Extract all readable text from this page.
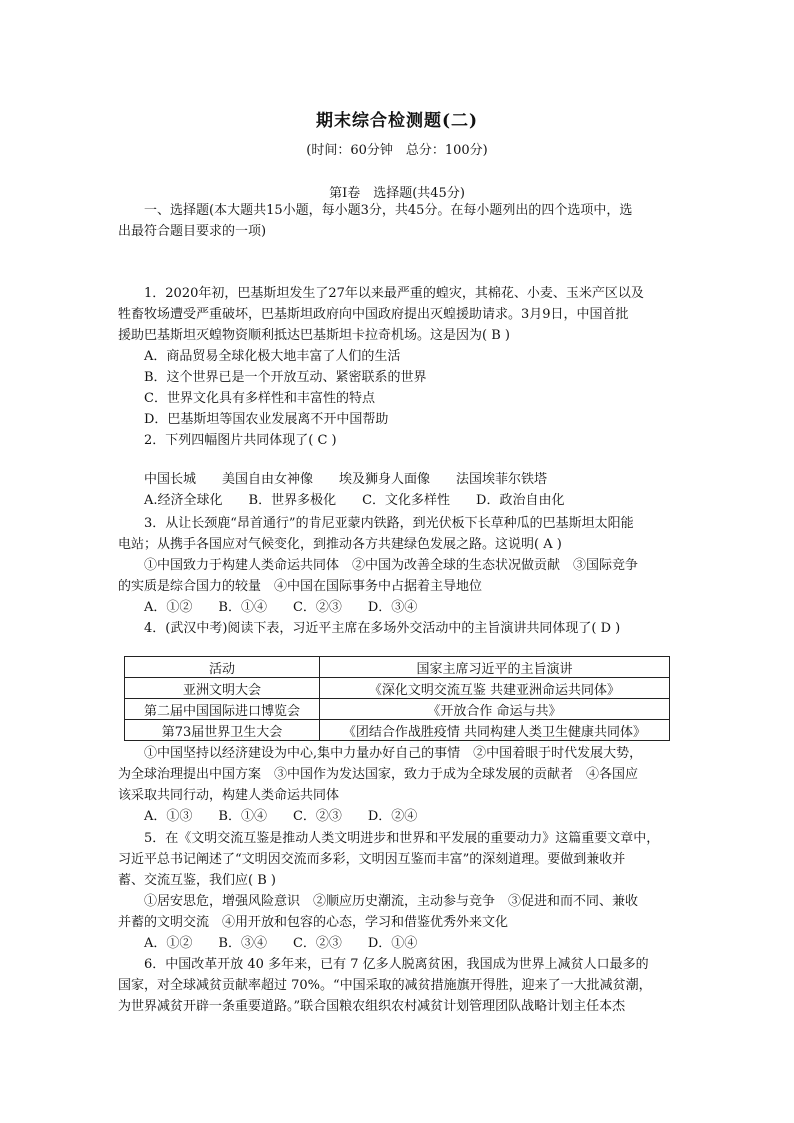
期末综合检测题(二)
(时间：60分钟　总分：100分)
第Ⅰ卷　选择题(共45分)
一、选择题(本大题共15小题，每小题3分，共45分。在每小题列出的四个选项中，选
出最符合题目要求的一项)
1．2020年初，巴基斯坦发生了27年以来最严重的蝗灾，其棉花、小麦、玉米产区以及
牲畜牧场遭受严重破坏，巴基斯坦政府向中国政府提出灭蝗援助请求。3月9日，中国首批
援助巴基斯坦灭蝗物资顺利抵达巴基斯坦卡拉奇机场。这是因为( B )
A．商品贸易全球化极大地丰富了人们的生活
B．这个世界已是一个开放互动、紧密联系的世界
C．世界文化具有多样性和丰富性的特点
D．巴基斯坦等国农业发展离不开中国帮助
2．下列四幅图片共同体现了( C )
中国长城　　美国自由女神像　　埃及狮身人面像　　法国埃菲尔铁塔
A.经济全球化　　B．世界多极化　　C．文化多样性　　D．政治自由化
3．从让长颈鹿“昂首通行”的肯尼亚蒙内铁路，到光伏板下长草种瓜的巴基斯坦太阳能
电站；从携手各国应对气候变化，到推动各方共建绿色发展之路。这说明( A )
①中国致力于构建人类命运共同体　②中国为改善全球的生态状况做贡献　③国际竞争
的实质是综合国力的较量　④中国在国际事务中占据着主导地位
A．①②　　B．①④　　C．②③　　D．③④
4．(武汉中考)阅读下表，习近平主席在多场外交活动中的主旨演讲共同体现了( D )
活动	国家主席习近平的主旨演讲
亚洲文明大会	《深化文明交流互鉴 共建亚洲命运共同体》
第二届中国国际进口博览会	《开放合作 命运与共》
第73届世界卫生大会	《团结合作战胜疫情 共同构建人类卫生健康共同体》
①中国坚持以经济建设为中心,集中力量办好自己的事情　②中国着眼于时代发展大势，
为全球治理提出中国方案　③中国作为发达国家，致力于成为全球发展的贡献者　④各国应
该采取共同行动，构建人类命运共同体
A．①③　　B．①④　　C．②③　　D．②④
5．在《文明交流互鉴是推动人类文明进步和世界和平发展的重要动力》这篇重要文章中，
习近平总书记阐述了“文明因交流而多彩，文明因互鉴而丰富”的深刻道理。要做到兼收并
蓄、交流互鉴，我们应( B )
①居安思危，增强风险意识　②顺应历史潮流，主动参与竞争　③促进和而不同、兼收
并蓄的文明交流　④用开放和包容的心态，学习和借鉴优秀外来文化
A．①②　　B．③④　　C．②③　　D．①④
6．中国改革开放 40 多年来，已有 7 亿多人脱离贫困，我国成为世界上减贫人口最多的
国家，对全球减贫贡献率超过 70%。“中国采取的减贫措施旗开得胜，迎来了一大批减贫潮，
为世界减贫开辟一条重要道路。”联合国粮农组织农村减贫计划管理团队战略计划主任本杰
